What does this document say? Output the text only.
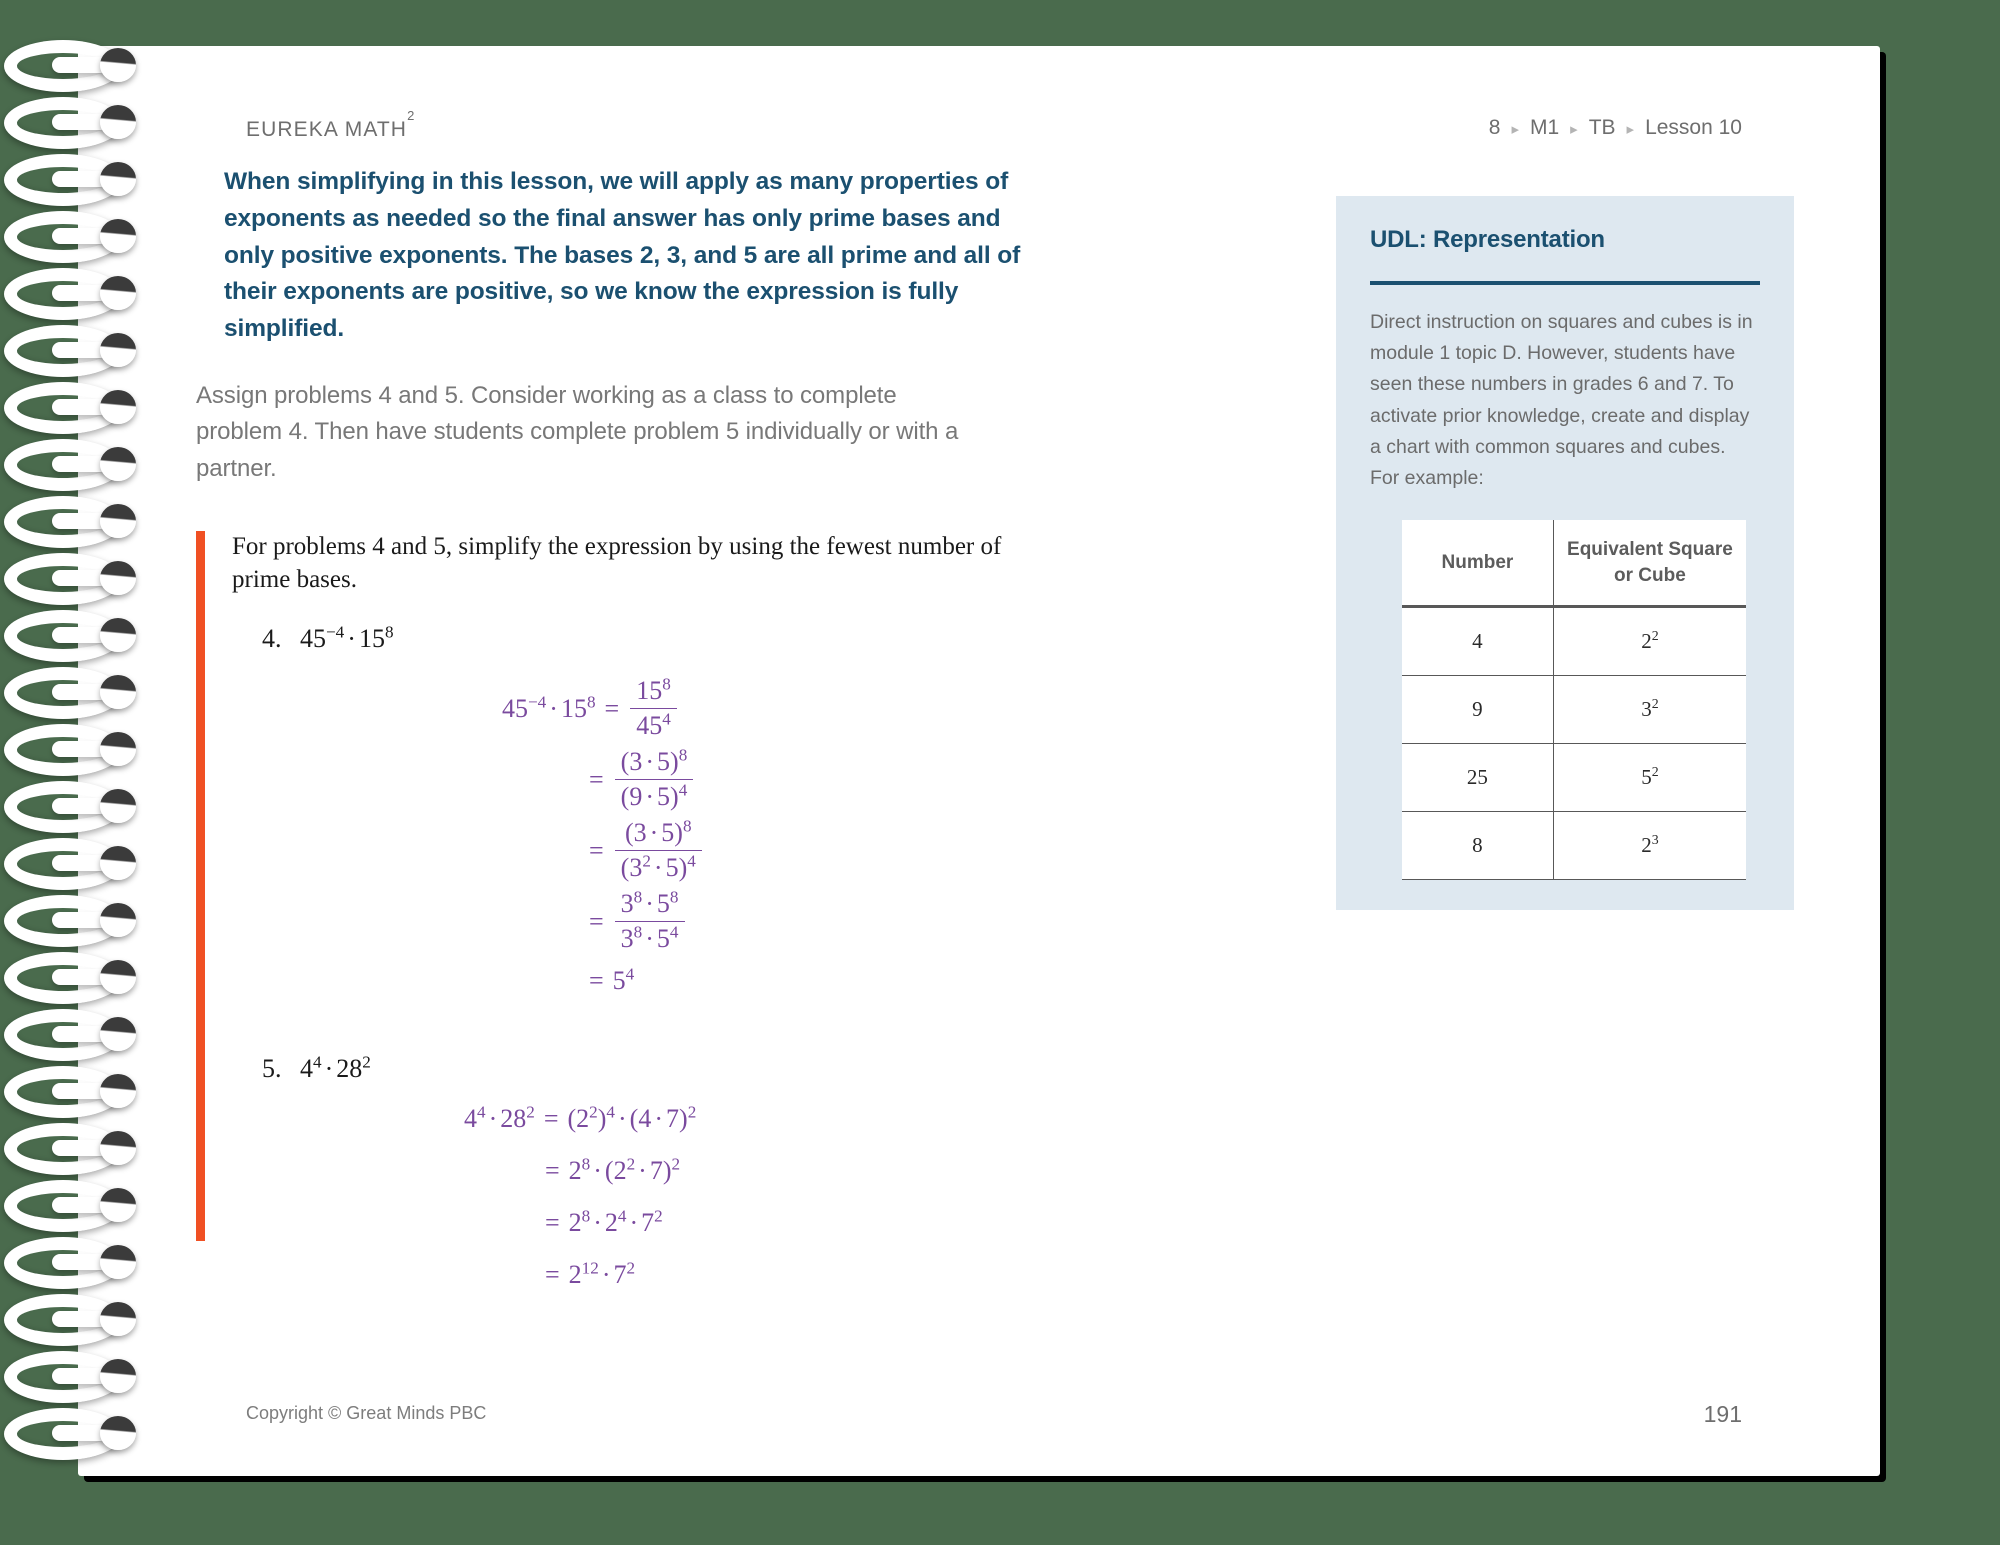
EUREKA MATH$^2$
8 ▸ M1 ▸ TB ▸ Lesson 10

When simplifying in this lesson, we will apply as many properties of exponents as needed so the final answer has only prime bases and only positive exponents. The bases 2, 3, and 5 are all prime and all of their exponents are positive, so we know the expression is fully simplified.

Assign problems 4 and 5. Consider working as a class to complete problem 4. Then have students complete problem 5 individually or with a partner.

For problems 4 and 5, simplify the expression by using the fewest number of prime bases.
4. $45^{-4} \cdot 15^8$
$45^{-4} \cdot 15^8 = \frac{15^8}{45^4}$
= $\frac{(3 \cdot 5)^8}{(9 \cdot 5)^4}$
= $\frac{(3 \cdot 5)^8}{(3^2 \cdot 5)^4}$
= $\frac{3^8 \cdot 5^8}{3^8 \cdot 5^4}$
= $5^4$
5. $4^4 \cdot 28^2$
$4^4 \cdot 28^2 = (2^2)^4 \cdot (4 \cdot 7)^2$
= $2^8 \cdot (2^2 \cdot 7)^2$
= $2^8 \cdot 2^4 \cdot 7^2$
= $2^{12} \cdot 7^2$
UDL: Representation

Direct instruction on squares and cubes is in module 1 topic D. However, students have seen these numbers in grades 6 and 7. To activate prior knowledge, create and display a chart with common squares and cubes. For example:

Number	Equivalent Square or Cube
4	$2^2$
9	$3^2$
25	$5^2$
8	$2^3$
Copyright © Great Minds PBC	191
